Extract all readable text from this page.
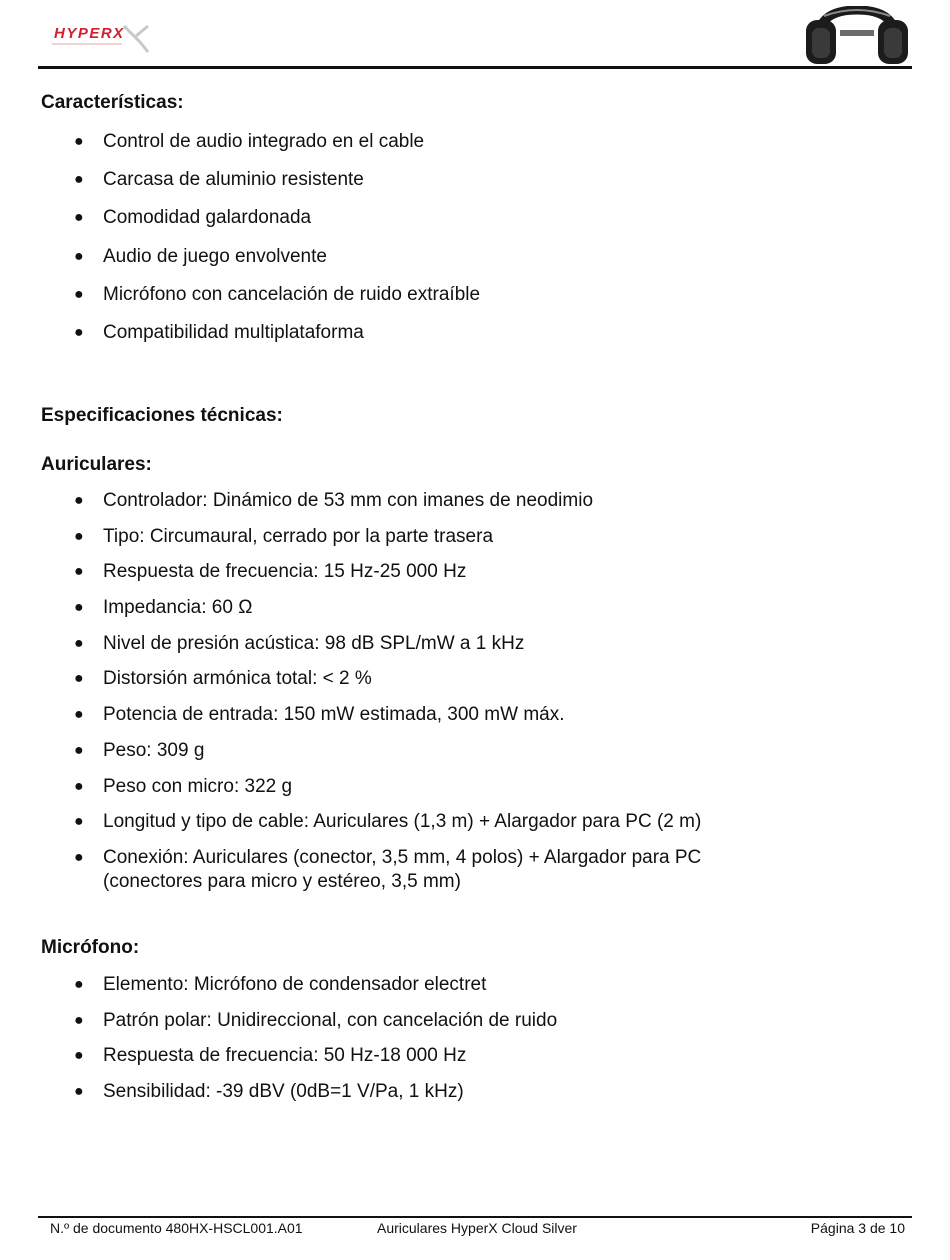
HYPERX
Características:
● Control de audio integrado en el cable
● Carcasa de aluminio resistente
● Comodidad galardonada
● Audio de juego envolvente
● Micrófono con cancelación de ruido extraíble
● Compatibilidad multiplataforma
Especificaciones técnicas:
Auriculares:
● Controlador: Dinámico de 53 mm con imanes de neodimio
● Tipo: Circumaural, cerrado por la parte trasera
● Respuesta de frecuencia: 15 Hz-25 000 Hz
● Impedancia: 60 Ω
● Nivel de presión acústica: 98 dB SPL/mW a 1 kHz
● Distorsión armónica total: < 2 %
● Potencia de entrada: 150 mW estimada, 300 mW máx.
● Peso: 309 g
● Peso con micro: 322 g
● Longitud y tipo de cable: Auriculares (1,3 m) + Alargador para PC (2 m)
● Conexión: Auriculares (conector, 3,5 mm, 4 polos) + Alargador para PC (conectores para micro y estéreo, 3,5 mm)
Micrófono:
● Elemento: Micrófono de condensador electret
● Patrón polar: Unidireccional, con cancelación de ruido
● Respuesta de frecuencia: 50 Hz-18 000 Hz
● Sensibilidad: -39 dBV (0dB=1 V/Pa, 1 kHz)
N.º de documento 480HX-HSCL001.A01	Auriculares HyperX Cloud Silver	Página 3 de 10
